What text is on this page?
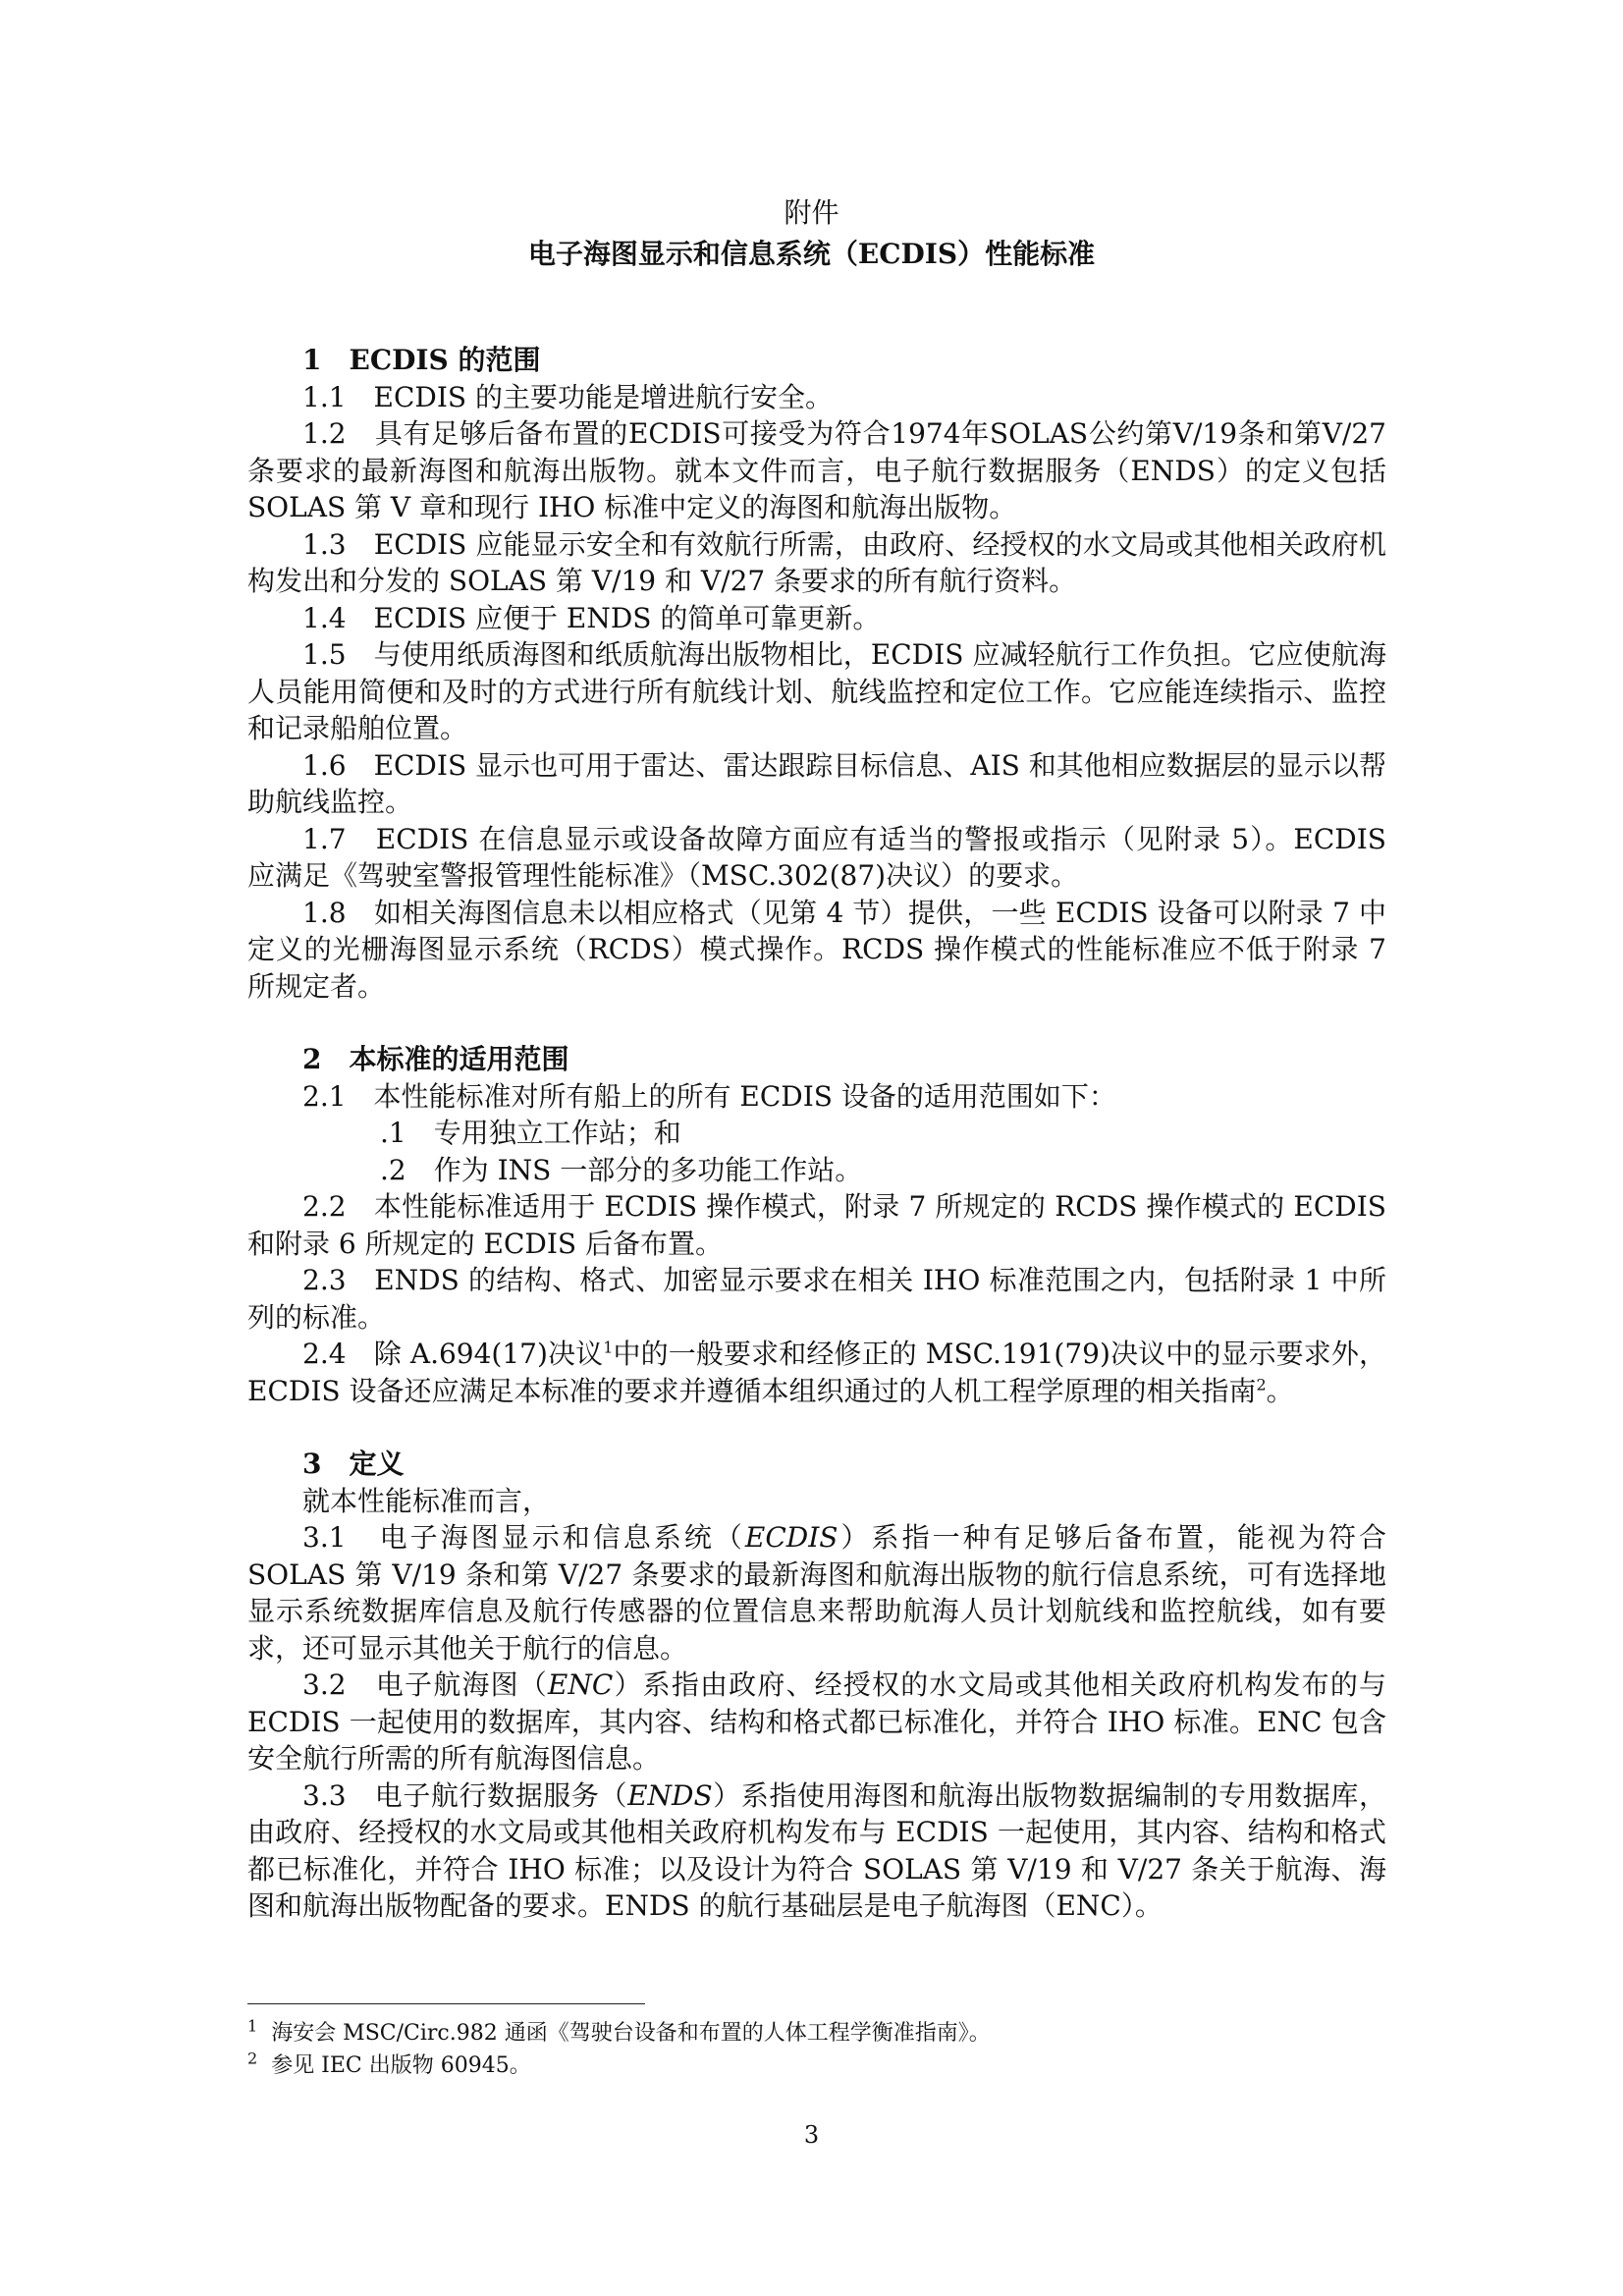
附件
电子海图显示和信息系统（ECDIS）性能标准

1　ECDIS 的范围

1.1　ECDIS 的主要功能是增进航行安全。

1.2　具有足够后备布置的ECDIS可接受为符合1974年SOLAS公约第V/19条和第V/27条要求的最新海图和航海出版物。就本文件而言，电子航行数据服务（ENDS）的定义包括 SOLAS 第 V 章和现行 IHO 标准中定义的海图和航海出版物。

1.3　ECDIS 应能显示安全和有效航行所需，由政府、经授权的水文局或其他相关政府机构发出和分发的 SOLAS 第 V/19 和 V/27 条要求的所有航行资料。

1.4　ECDIS 应便于 ENDS 的简单可靠更新。

1.5　与使用纸质海图和纸质航海出版物相比，ECDIS 应减轻航行工作负担。它应使航海人员能用简便和及时的方式进行所有航线计划、航线监控和定位工作。它应能连续指示、监控和记录船舶位置。

1.6　ECDIS 显示也可用于雷达、雷达跟踪目标信息、AIS 和其他相应数据层的显示以帮助航线监控。

1.7　ECDIS 在信息显示或设备故障方面应有适当的警报或指示（见附录 5）。ECDIS 应满足《驾驶室警报管理性能标准》（MSC.302(87)决议）的要求。

1.8　如相关海图信息未以相应格式（见第 4 节）提供，一些 ECDIS 设备可以附录 7 中定义的光栅海图显示系统（RCDS）模式操作。RCDS 操作模式的性能标准应不低于附录 7 所规定者。

2　本标准的适用范围

2.1　本性能标准对所有船上的所有 ECDIS 设备的适用范围如下：

.1　专用独立工作站；和

.2　作为 INS 一部分的多功能工作站。

2.2　本性能标准适用于 ECDIS 操作模式，附录 7 所规定的 RCDS 操作模式的 ECDIS 和附录 6 所规定的 ECDIS 后备布置。

2.3　ENDS 的结构、格式、加密显示要求在相关 IHO 标准范围之内，包括附录 1 中所列的标准。

2.4　除 A.694(17)决议$^1$中的一般要求和经修正的 MSC.191(79)决议中的显示要求外，ECDIS 设备还应满足本标准的要求并遵循本组织通过的人机工程学原理的相关指南$^2$。

3　定义

就本性能标准而言，

3.1　电子海图显示和信息系统（ECDIS）系指一种有足够后备布置，能视为符合 SOLAS 第 V/19 条和第 V/27 条要求的最新海图和航海出版物的航行信息系统，可有选择地显示系统数据库信息及航行传感器的位置信息来帮助航海人员计划航线和监控航线，如有要求，还可显示其他关于航行的信息。

3.2　电子航海图（ENC）系指由政府、经授权的水文局或其他相关政府机构发布的与 ECDIS 一起使用的数据库，其内容、结构和格式都已标准化，并符合 IHO 标准。ENC 包含安全航行所需的所有航海图信息。

3.3　电子航行数据服务（ENDS）系指使用海图和航海出版物数据编制的专用数据库，由政府、经授权的水文局或其他相关政府机构发布与 ECDIS 一起使用，其内容、结构和格式都已标准化，并符合 IHO 标准；以及设计为符合 SOLAS 第 V/19 和 V/27 条关于航海、海图和航海出版物配备的要求。ENDS 的航行基础层是电子航海图（ENC）。

$^1$ 海安会 MSC/Circ.982 通函《驾驶台设备和布置的人体工程学衡准指南》。

$^2$ 参见 IEC 出版物 60945。

3
